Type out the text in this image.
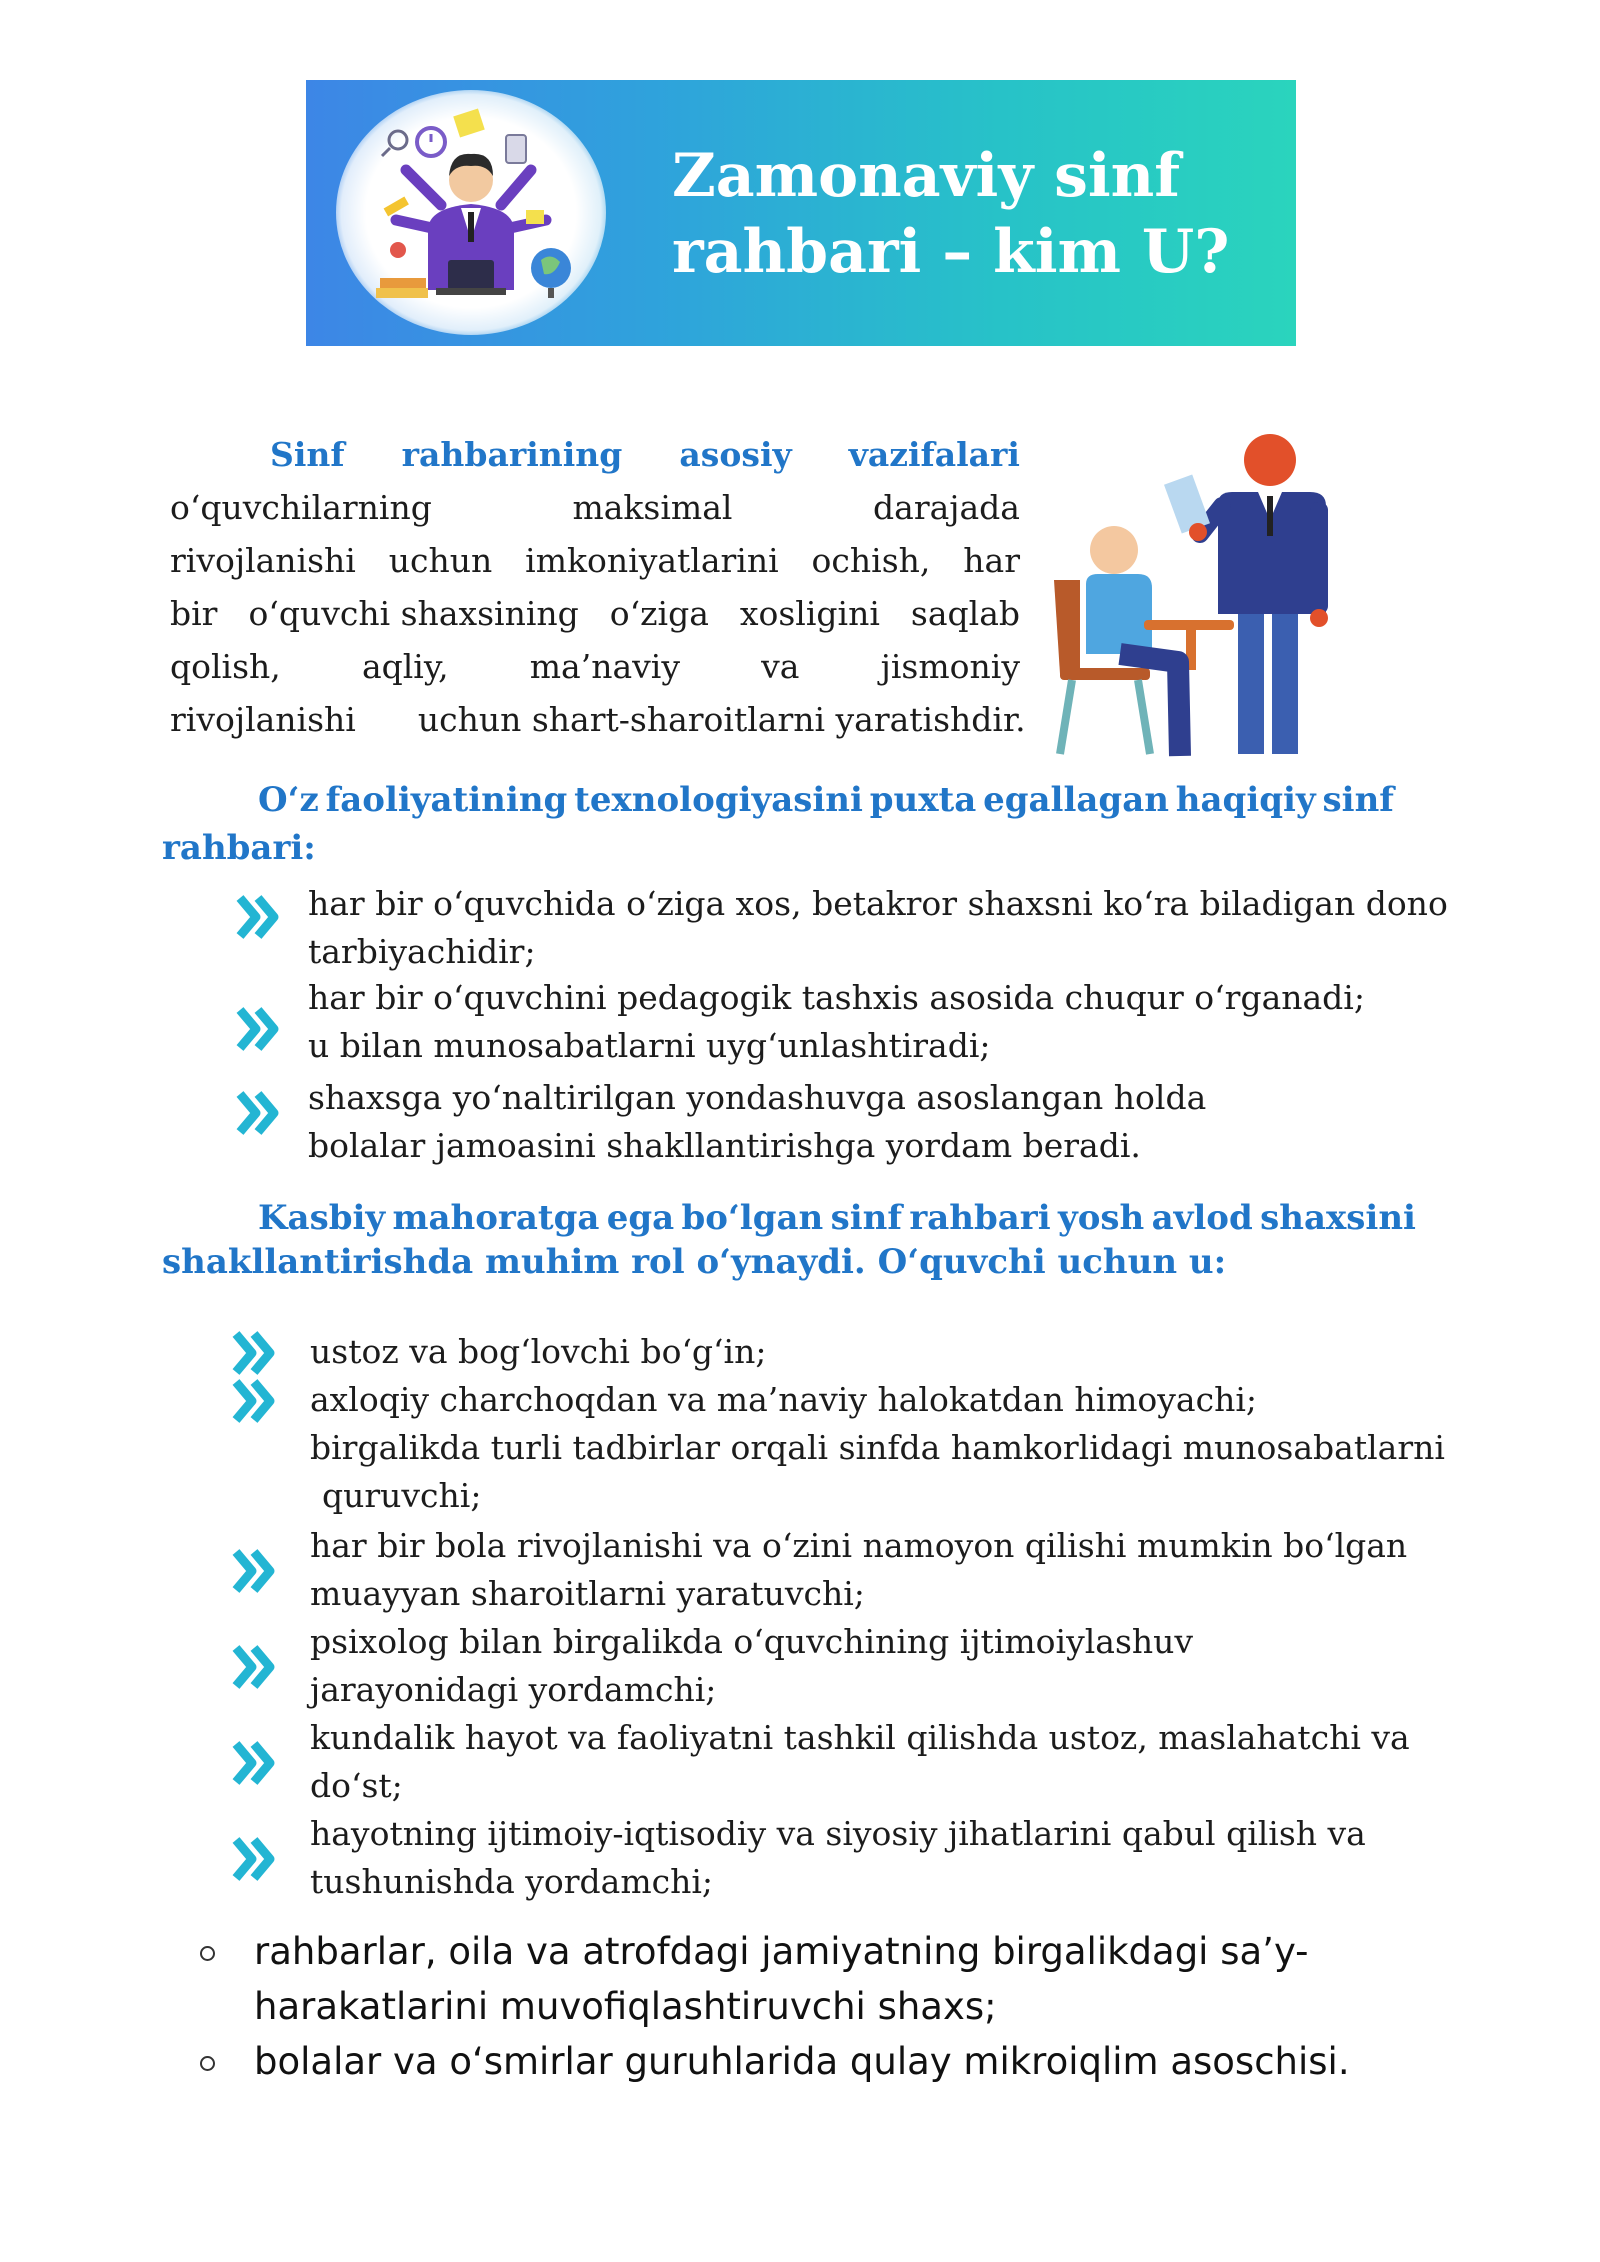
Zamonaviy sinf
rahbari – kim U?
Sinf rahbarining asosiy vazifalari
o‘quvchilarning	maksimal	darajada
rivojlanishi uchun imkoniyatlarini ochish, har
bir o‘quvchi shaxsining o‘ziga xosligini saqlab
qolish, aqliy, ma’naviy va jismoniy
rivojlanishi uchun shart-sharoitlarni yaratishdir.
O‘z faoliyatining texnologiyasini puxta egallagan haqiqiy sinf
rahbari:
har bir o‘quvchida o‘ziga xos, betakror shaxsni ko‘ra biladigan dono
tarbiyachidir;
har bir o‘quvchini pedagogik tashxis asosida chuqur o‘rganadi;
u bilan munosabatlarni uyg‘unlashtiradi;
shaxsga yo‘naltirilgan yondashuvga asoslangan holda
bolalar jamoasini shakllantirishga yordam beradi.
Kasbiy mahoratga ega bo‘lgan sinf rahbari yosh avlod shaxsini
shakllantirishda muhim rol o‘ynaydi. O‘quvchi uchun u:
ustoz va bog‘lovchi bo‘g‘in;
axloqiy charchoqdan va ma’naviy halokatdan himoyachi;
birgalikda turli tadbirlar orqali sinfda hamkorlidagi munosabatlarni
quruvchi;
har bir bola rivojlanishi va o‘zini namoyon qilishi mumkin bo‘lgan
muayyan sharoitlarni yaratuvchi;
psixolog bilan birgalikda o‘quvchining ijtimoiylashuv
jarayonidagi yordamchi;
kundalik hayot va faoliyatni tashkil qilishda ustoz, maslahatchi va
do‘st;
hayotning ijtimoiy-iqtisodiy va siyosiy jihatlarini qabul qilish va
tushunishda yordamchi;
rahbarlar, oila va atrofdagi jamiyatning birgalikdagi sa’y-
harakatlarini muvofiqlashtiruvchi shaxs;
bolalar va o‘smirlar guruhlarida qulay mikroiqlim asoschisi.
